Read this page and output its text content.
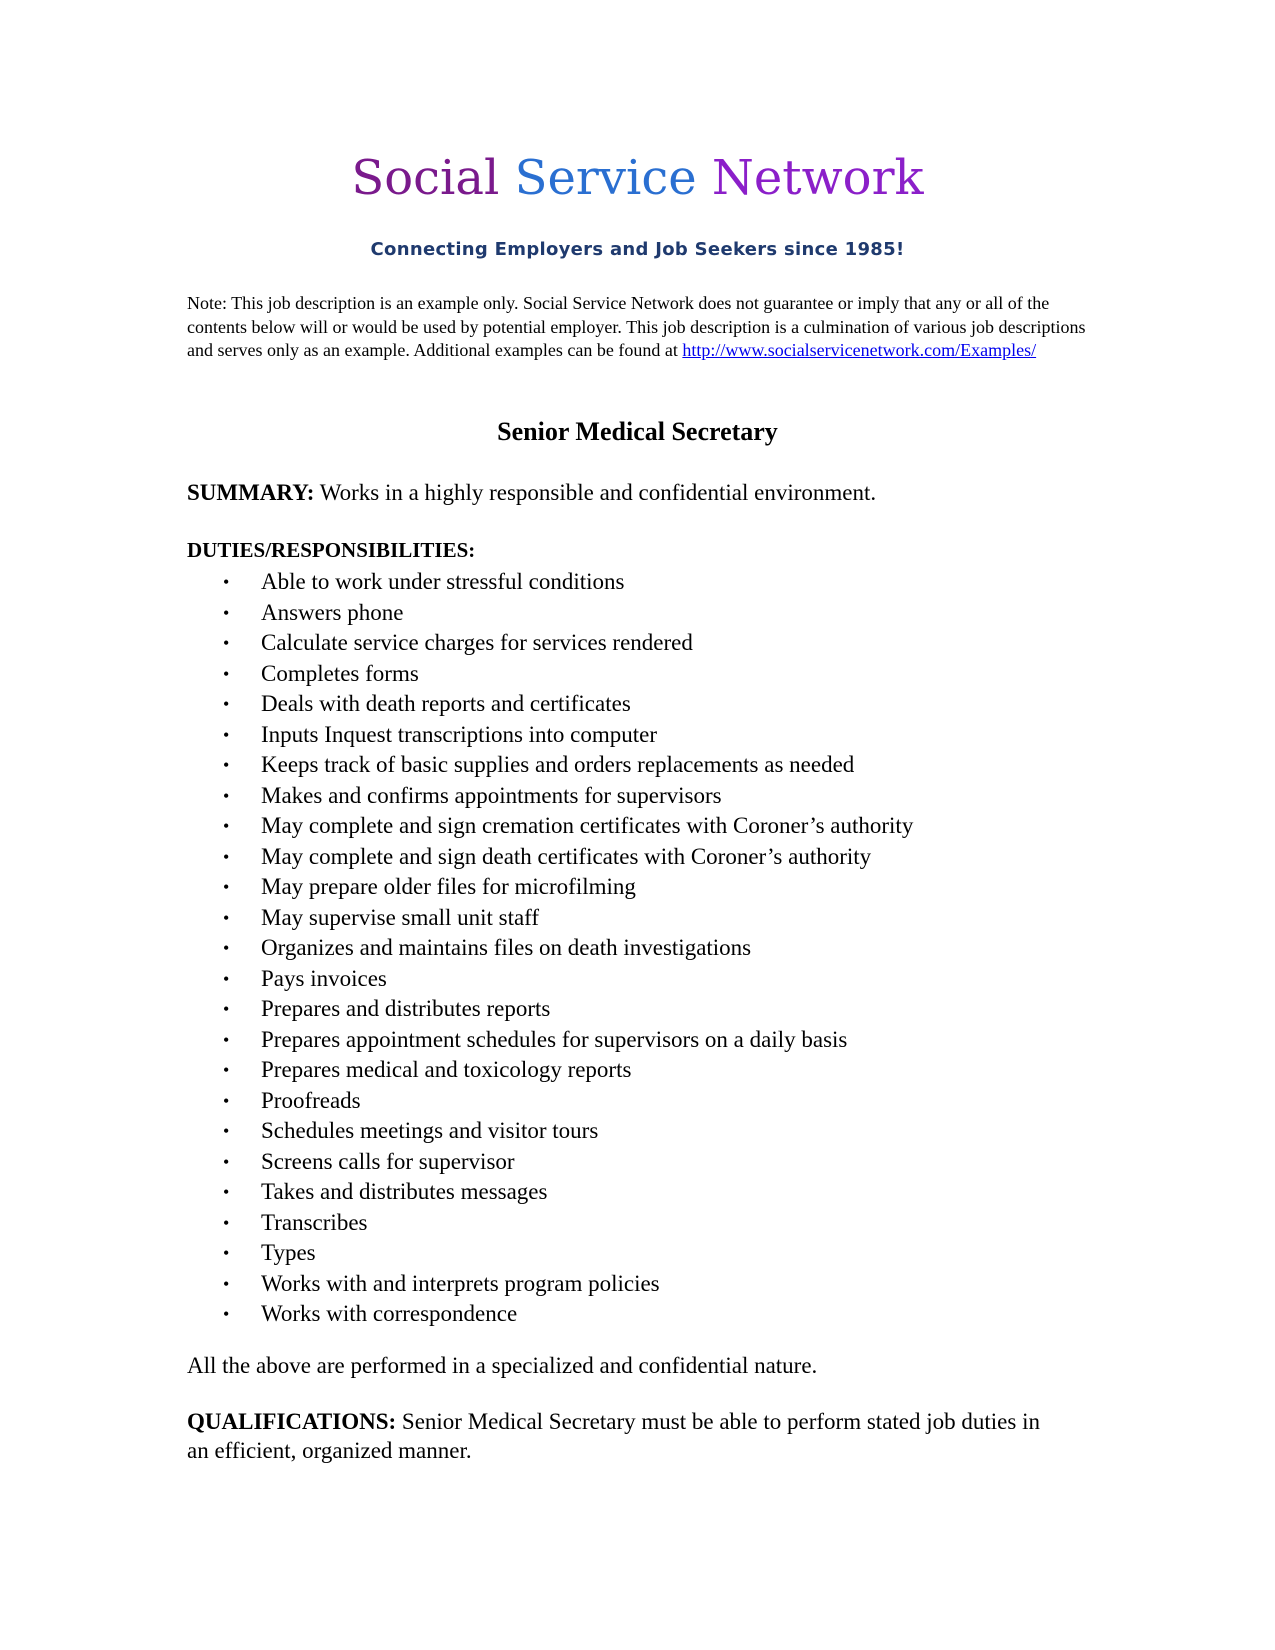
Social Service Network
Connecting Employers and Job Seekers since 1985!
Note: This job description is an example only. Social Service Network does not guarantee or imply that any or all of the contents below will or would be used by potential employer. This job description is a culmination of various job descriptions and serves only as an example. Additional examples can be found at http://www.socialservicenetwork.com/Examples/
Senior Medical Secretary
SUMMARY: Works in a highly responsible and confidential environment.
DUTIES/RESPONSIBILITIES:
• Able to work under stressful conditions
• Answers phone
• Calculate service charges for services rendered
• Completes forms
• Deals with death reports and certificates
• Inputs Inquest transcriptions into computer
• Keeps track of basic supplies and orders replacements as needed
• Makes and confirms appointments for supervisors
• May complete and sign cremation certificates with Coroner’s authority
• May complete and sign death certificates with Coroner’s authority
• May prepare older files for microfilming
• May supervise small unit staff
• Organizes and maintains files on death investigations
• Pays invoices
• Prepares and distributes reports
• Prepares appointment schedules for supervisors on a daily basis
• Prepares medical and toxicology reports
• Proofreads
• Schedules meetings and visitor tours
• Screens calls for supervisor
• Takes and distributes messages
• Transcribes
• Types
• Works with and interprets program policies
• Works with correspondence
All the above are performed in a specialized and confidential nature.
QUALIFICATIONS: Senior Medical Secretary must be able to perform stated job duties in an efficient, organized manner.
